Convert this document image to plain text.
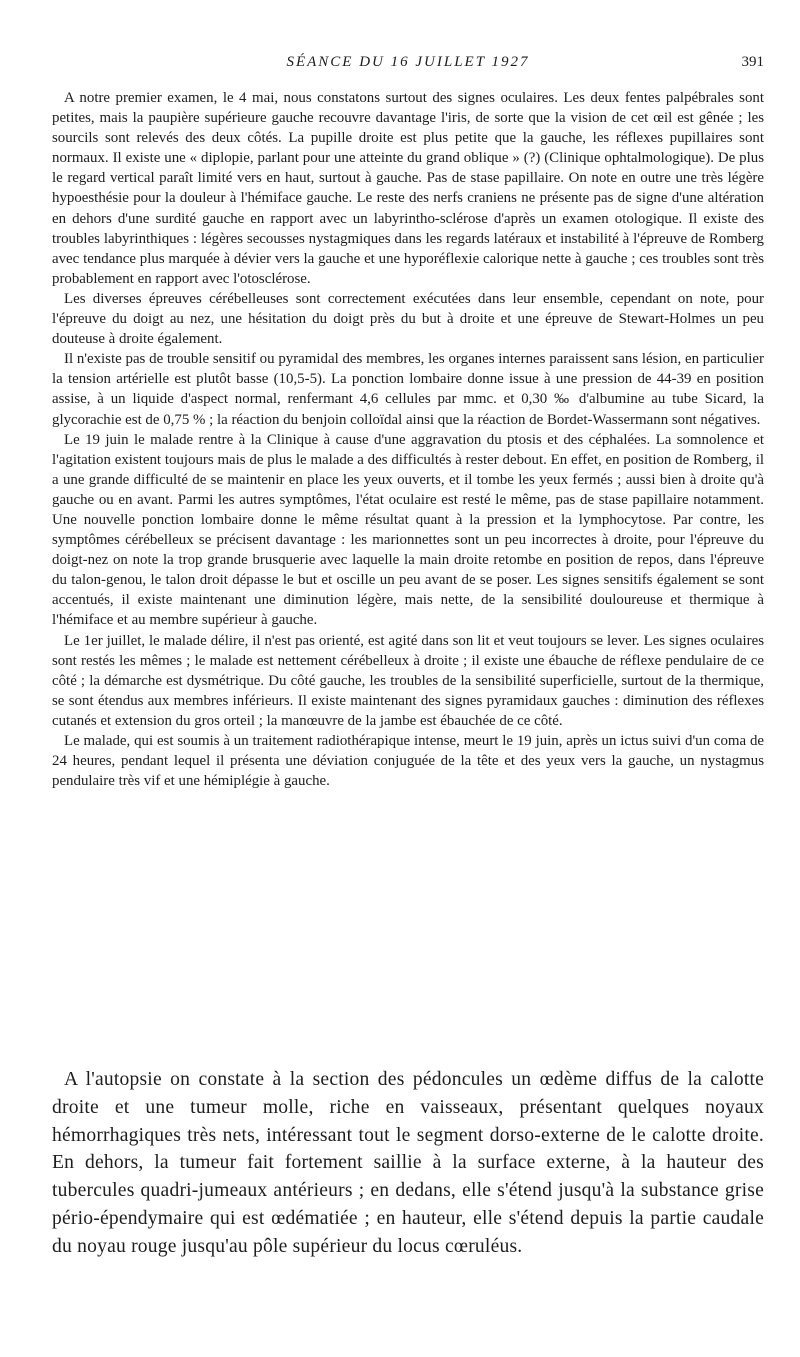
SÉANCE DU 16 JUILLET 1927	391

A notre premier examen, le 4 mai, nous constatons surtout des signes oculaires. Les deux fentes palpébrales sont petites, mais la paupière supérieure gauche recouvre davantage l'iris, de sorte que la vision de cet œil est gênée ; les sourcils sont relevés des deux côtés. La pupille droite est plus petite que la gauche, les réflexes pupillaires sont normaux. Il existe une « diplopie, parlant pour une atteinte du grand oblique » (?) (Clinique ophtalmologique). De plus le regard vertical paraît limité vers en haut, surtout à gauche. Pas de stase papillaire. On note en outre une très légère hypoesthésie pour la douleur à l'hémiface gauche. Le reste des nerfs craniens ne présente pas de signe d'une altération en dehors d'une surdité gauche en rapport avec un labyrintho-sclérose d'après un examen otologique. Il existe des troubles labyrinthiques : légères secousses nystagmiques dans les regards latéraux et instabilité à l'épreuve de Romberg avec tendance plus marquée à dévier vers la gauche et une hyporéflexie calorique nette à gauche ; ces troubles sont très probablement en rapport avec l'otosclérose.

Les diverses épreuves cérébelleuses sont correctement exécutées dans leur ensemble, cependant on note, pour l'épreuve du doigt au nez, une hésitation du doigt près du but à droite et une épreuve de Stewart-Holmes un peu douteuse à droite également.

Il n'existe pas de trouble sensitif ou pyramidal des membres, les organes internes paraissent sans lésion, en particulier la tension artérielle est plutôt basse (10,5-5). La ponction lombaire donne issue à une pression de 44-39 en position assise, à un liquide d'aspect normal, renfermant 4,6 cellules par mmc. et 0,30 ‰ d'albumine au tube Sicard, la glycorachie est de 0,75 % ; la réaction du benjoin colloïdal ainsi que la réaction de Bordet-Wassermann sont négatives.

Le 19 juin le malade rentre à la Clinique à cause d'une aggravation du ptosis et des céphalées. La somnolence et l'agitation existent toujours mais de plus le malade a des difficultés à rester debout. En effet, en position de Romberg, il a une grande difficulté de se maintenir en place les yeux ouverts, et il tombe les yeux fermés ; aussi bien à droite qu'à gauche ou en avant. Parmi les autres symptômes, l'état oculaire est resté le même, pas de stase papillaire notamment. Une nouvelle ponction lombaire donne le même résultat quant à la pression et la lymphocytose. Par contre, les symptômes cérébelleux se précisent davantage : les marionnettes sont un peu incorrectes à droite, pour l'épreuve du doigt-nez on note la trop grande brusquerie avec laquelle la main droite retombe en position de repos, dans l'épreuve du talon-genou, le talon droit dépasse le but et oscille un peu avant de se poser. Les signes sensitifs également se sont accentués, il existe maintenant une diminution légère, mais nette, de la sensibilité douloureuse et thermique à l'hémiface et au membre supérieur à gauche.

Le 1er juillet, le malade délire, il n'est pas orienté, est agité dans son lit et veut toujours se lever. Les signes oculaires sont restés les mêmes ; le malade est nettement cérébelleux à droite ; il existe une ébauche de réflexe pendulaire de ce côté ; la démarche est dysmétrique. Du côté gauche, les troubles de la sensibilité superficielle, surtout de la thermique, se sont étendus aux membres inférieurs. Il existe maintenant des signes pyramidaux gauches : diminution des réflexes cutanés et extension du gros orteil ; la manœuvre de la jambe est ébauchée de ce côté.

Le malade, qui est soumis à un traitement radiothérapique intense, meurt le 19 juin, après un ictus suivi d'un coma de 24 heures, pendant lequel il présenta une déviation conjuguée de la tête et des yeux vers la gauche, un nystagmus pendulaire très vif et une hémiplégie à gauche.

A l'autopsie on constate à la section des pédoncules un œdème diffus de la calotte droite et une tumeur molle, riche en vaisseaux, présentant quelques noyaux hémorrhagiques très nets, intéressant tout le segment dorso-externe de le calotte droite. En dehors, la tumeur fait fortement saillie à la surface externe, à la hauteur des tubercules quadri-jumeaux antérieurs ; en dedans, elle s'étend jusqu'à la substance grise pério-épendymaire qui est œdématiée ; en hauteur, elle s'étend depuis la partie caudale du noyau rouge jusqu'au pôle supérieur du locus cœruléus.
